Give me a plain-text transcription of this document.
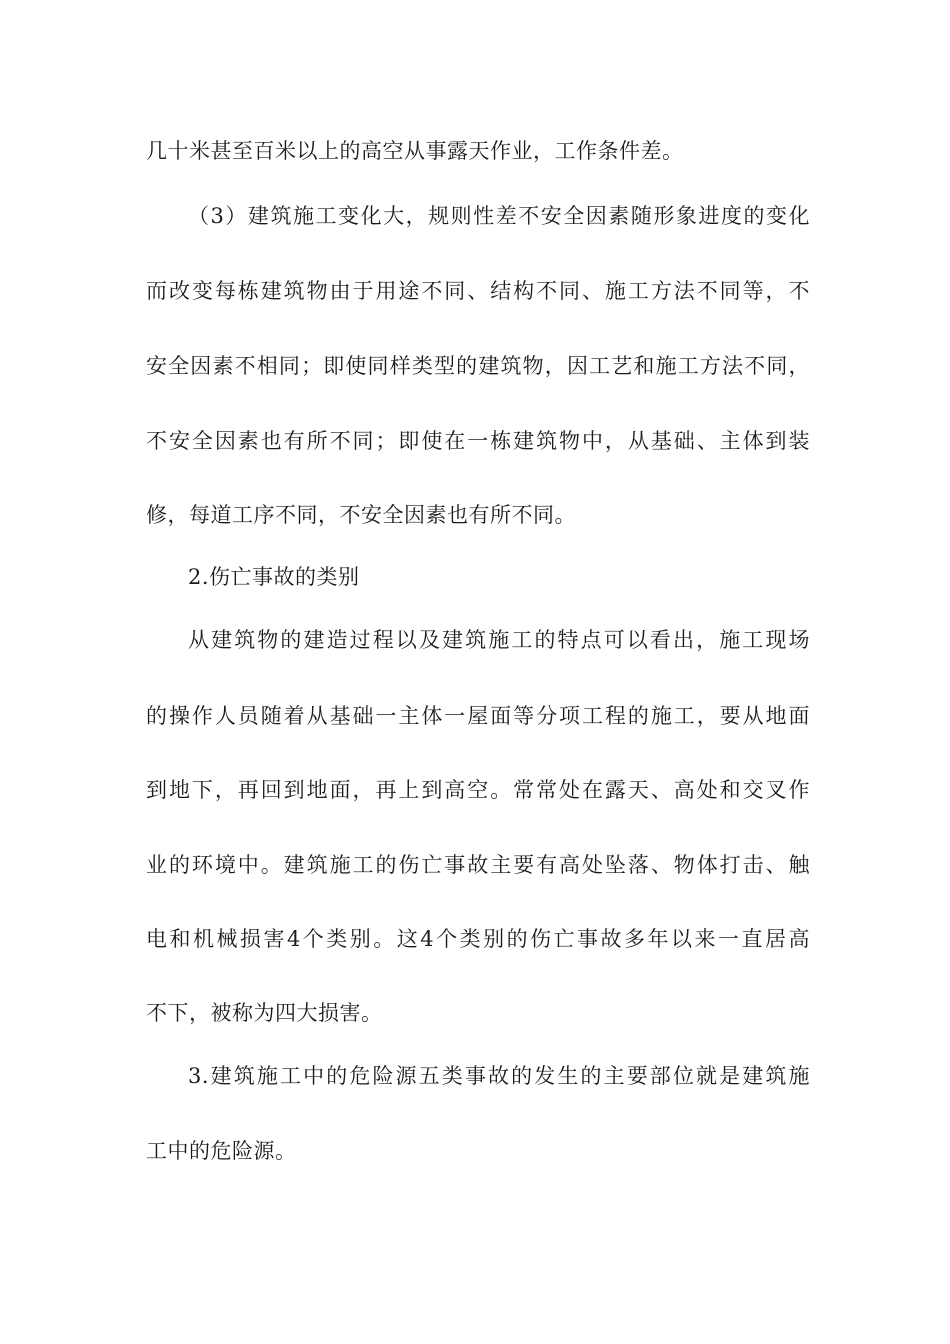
几十米甚至百米以上的高空从事露天作业，工作条件差。
（3）建筑施工变化大，规则性差不安全因素随形象进度的变化
而改变每栋建筑物由于用途不同、结构不同、施工方法不同等，不
安全因素不相同；即使同样类型的建筑物，因工艺和施工方法不同，
不安全因素也有所不同；即使在一栋建筑物中，从基础、主体到装
修，每道工序不同，不安全因素也有所不同。
2.伤亡事故的类别
从建筑物的建造过程以及建筑施工的特点可以看出，施工现场
的操作人员随着从基础一主体一屋面等分项工程的施工，要从地面
到地下，再回到地面，再上到高空。常常处在露天、高处和交叉作
业的环境中。建筑施工的伤亡事故主要有高处坠落、物体打击、触
电和机械损害4个类别。这4个类别的伤亡事故多年以来一直居高
不下，被称为四大损害。
3.建筑施工中的危险源五类事故的发生的主要部位就是建筑施
工中的危险源。
